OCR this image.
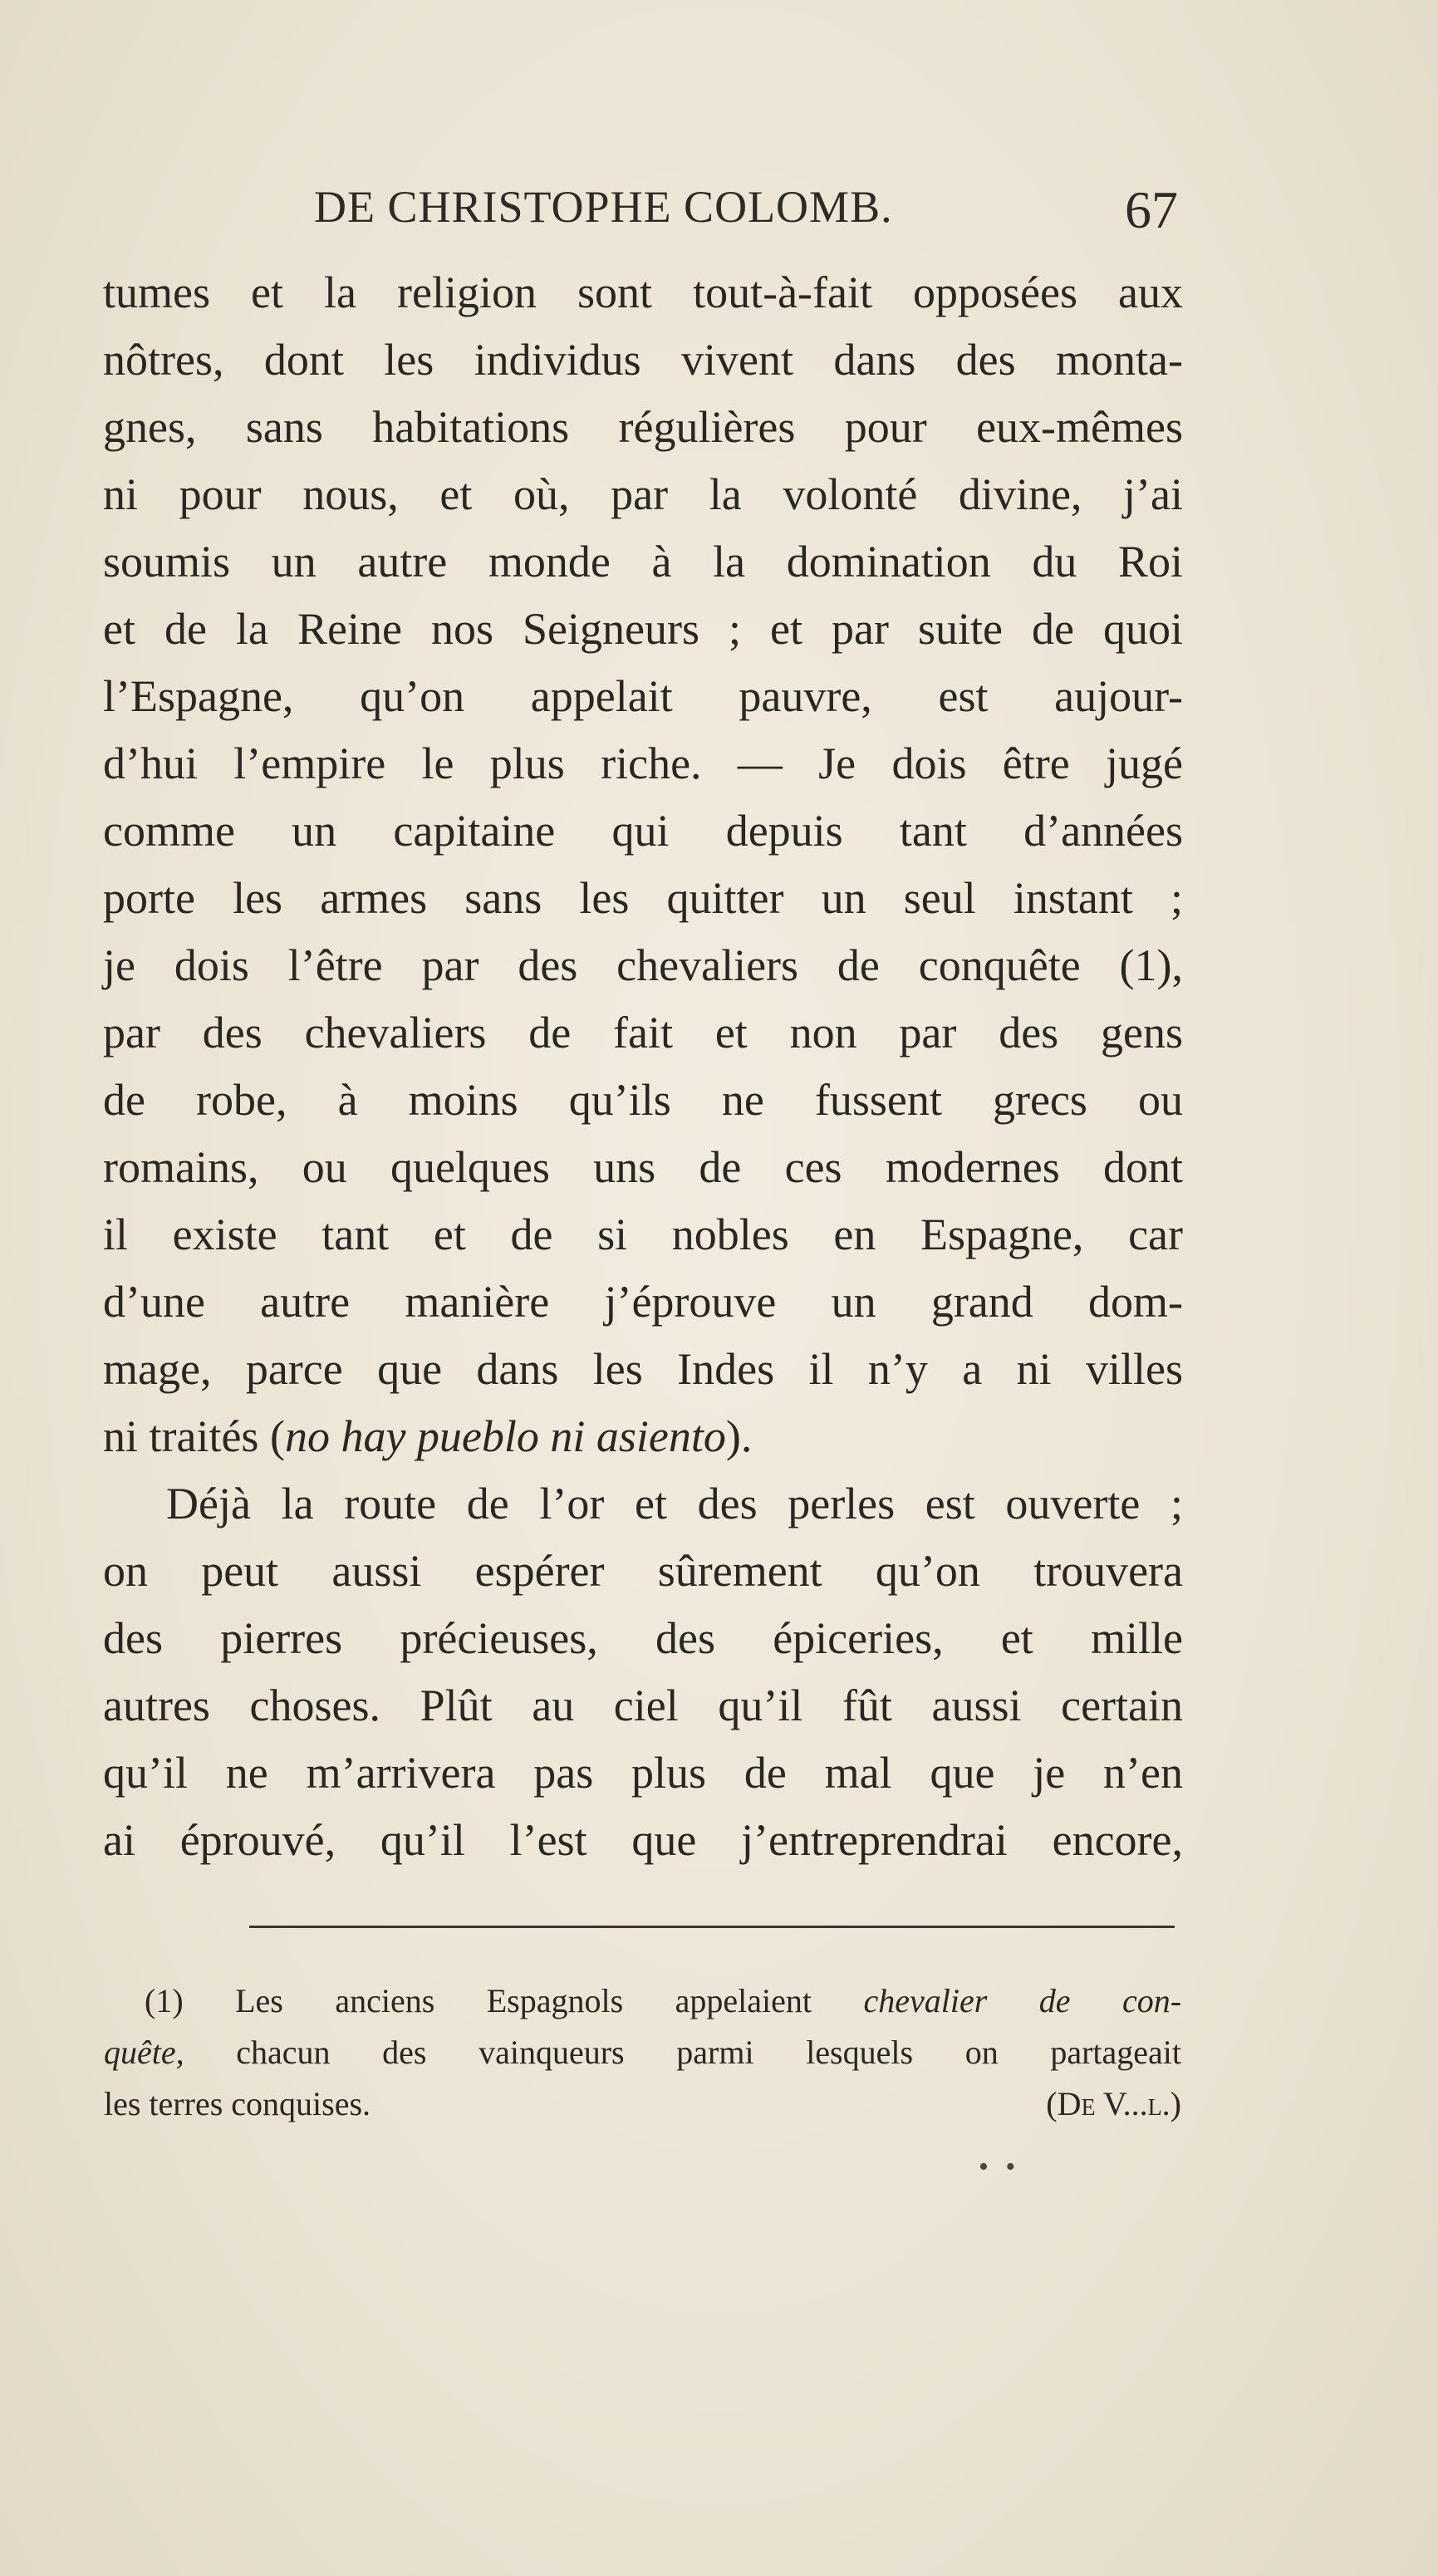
DE CHRISTOPHE COLOMB.	67
tumes et la religion sont tout-à-fait opposées aux
nôtres, dont les individus vivent dans des monta-
gnes, sans habitations régulières pour eux-mêmes
ni pour nous, et où, par la volonté divine, j’ai
soumis un autre monde à la domination du Roi
et de la Reine nos Seigneurs ; et par suite de quoi
l’Espagne, qu’on appelait pauvre, est aujour-
d’hui l’empire le plus riche. — Je dois être jugé
comme un capitaine qui depuis tant d’années
porte les armes sans les quitter un seul instant ;
je dois l’être par des chevaliers de conquête (1),
par des chevaliers de fait et non par des gens
de robe, à moins qu’ils ne fussent grecs ou
romains, ou quelques uns de ces modernes dont
il existe tant et de si nobles en Espagne, car
d’une autre manière j’éprouve un grand dom-
mage, parce que dans les Indes il n’y a ni villes
ni traités (no hay pueblo ni asiento).
Déjà la route de l’or et des perles est ouverte ;
on peut aussi espérer sûrement qu’on trouvera
des pierres précieuses, des épiceries, et mille
autres choses. Plût au ciel qu’il fût aussi certain
qu’il ne m’arrivera pas plus de mal que je n’en
ai éprouvé, qu’il l’est que j’entreprendrai encore,
(1) Les anciens Espagnols appelaient chevalier de con-
quête, chacun des vainqueurs parmi lesquels on partageait
les terres conquises.	(De V...l.)
• •
